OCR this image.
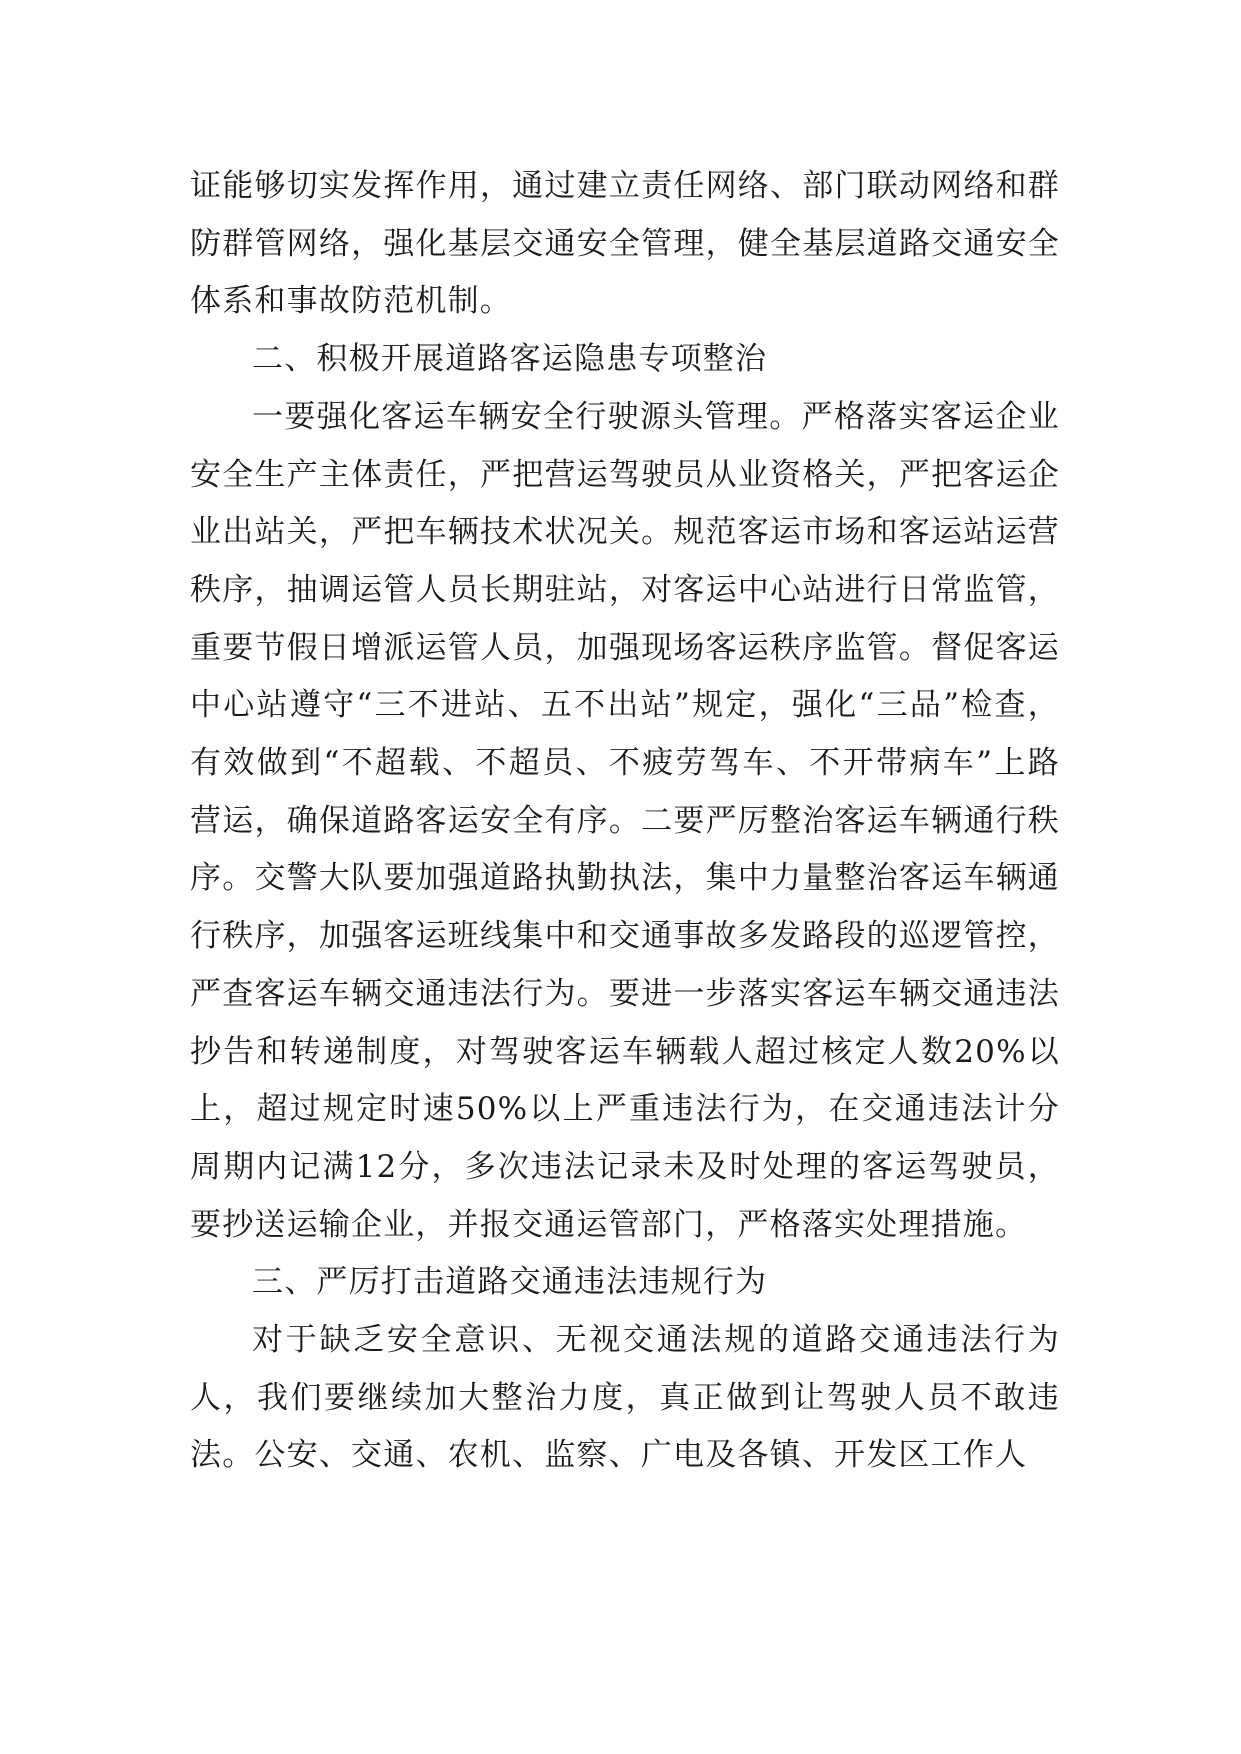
证能够切实发挥作用，通过建立责任网络、部门联动网络和群防群管网络，强化基层交通安全管理，健全基层道路交通安全体系和事故防范机制。

二、积极开展道路客运隐患专项整治

一要强化客运车辆安全行驶源头管理。严格落实客运企业安全生产主体责任，严把营运驾驶员从业资格关，严把客运企业出站关，严把车辆技术状况关。规范客运市场和客运站运营秩序，抽调运管人员长期驻站，对客运中心站进行日常监管，重要节假日增派运管人员，加强现场客运秩序监管。督促客运中心站遵守“三不进站、五不出站”规定，强化“三品”检查，有效做到“不超载、不超员、不疲劳驾车、不开带病车”上路营运，确保道路客运安全有序。二要严厉整治客运车辆通行秩序。交警大队要加强道路执勤执法，集中力量整治客运车辆通行秩序，加强客运班线集中和交通事故多发路段的巡逻管控，严查客运车辆交通违法行为。要进一步落实客运车辆交通违法抄告和转递制度，对驾驶客运车辆载人超过核定人数20%以上，超过规定时速50%以上严重违法行为，在交通违法计分周期内记满12分，多次违法记录未及时处理的客运驾驶员，要抄送运输企业，并报交通运管部门，严格落实处理措施。

三、严厉打击道路交通违法违规行为

对于缺乏安全意识、无视交通法规的道路交通违法行为人，我们要继续加大整治力度，真正做到让驾驶人员不敢违法。公安、交通、农机、监察、广电及各镇、开发区工作人
